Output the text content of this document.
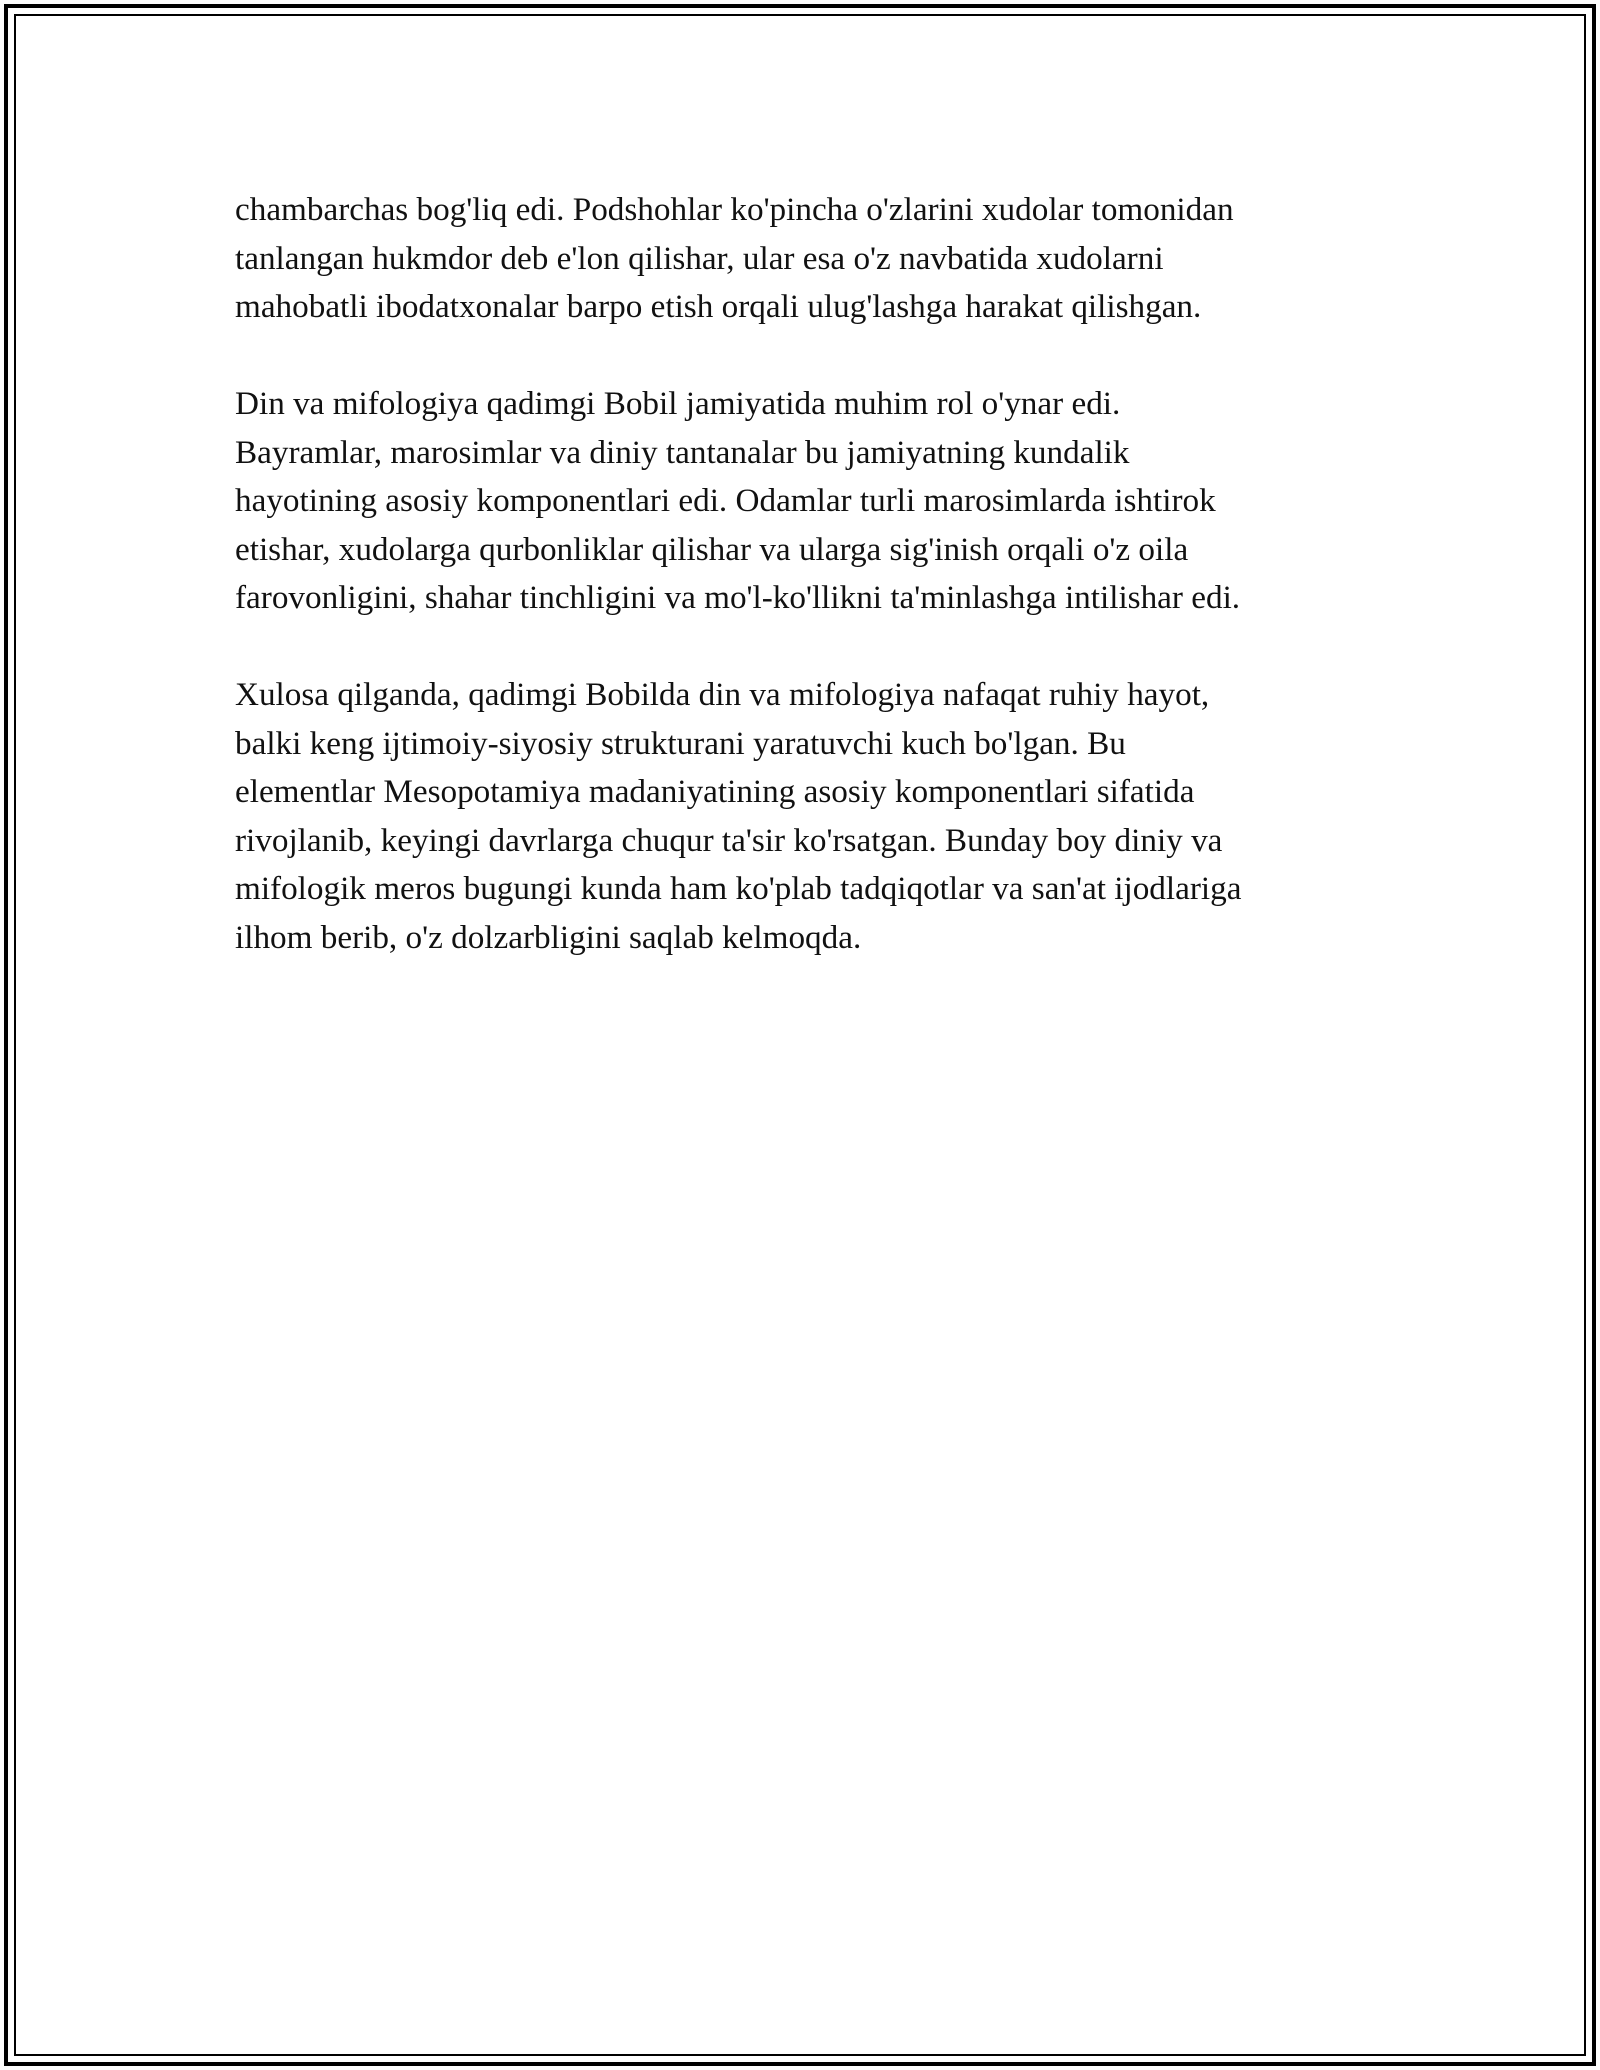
chambarchas bog'liq edi. Podshohlar ko'pincha o'zlarini xudolar tomonidan
tanlangan hukmdor deb e'lon qilishar, ular esa o'z navbatida xudolarni
mahobatli ibodatxonalar barpo etish orqali ulug'lashga harakat qilishgan.

Din va mifologiya qadimgi Bobil jamiyatida muhim rol o'ynar edi.
Bayramlar, marosimlar va diniy tantanalar bu jamiyatning kundalik
hayotining asosiy komponentlari edi. Odamlar turli marosimlarda ishtirok
etishar, xudolarga qurbonliklar qilishar va ularga sig'inish orqali o'z oila
farovonligini, shahar tinchligini va mo'l-ko'llikni ta'minlashga intilishar edi.

Xulosa qilganda, qadimgi Bobilda din va mifologiya nafaqat ruhiy hayot,
balki keng ijtimoiy-siyosiy strukturani yaratuvchi kuch bo'lgan. Bu
elementlar Mesopotamiya madaniyatining asosiy komponentlari sifatida
rivojlanib, keyingi davrlarga chuqur ta'sir ko'rsatgan. Bunday boy diniy va
mifologik meros bugungi kunda ham ko'plab tadqiqotlar va san'at ijodlariga
ilhom berib, o'z dolzarbligini saqlab kelmoqda.
